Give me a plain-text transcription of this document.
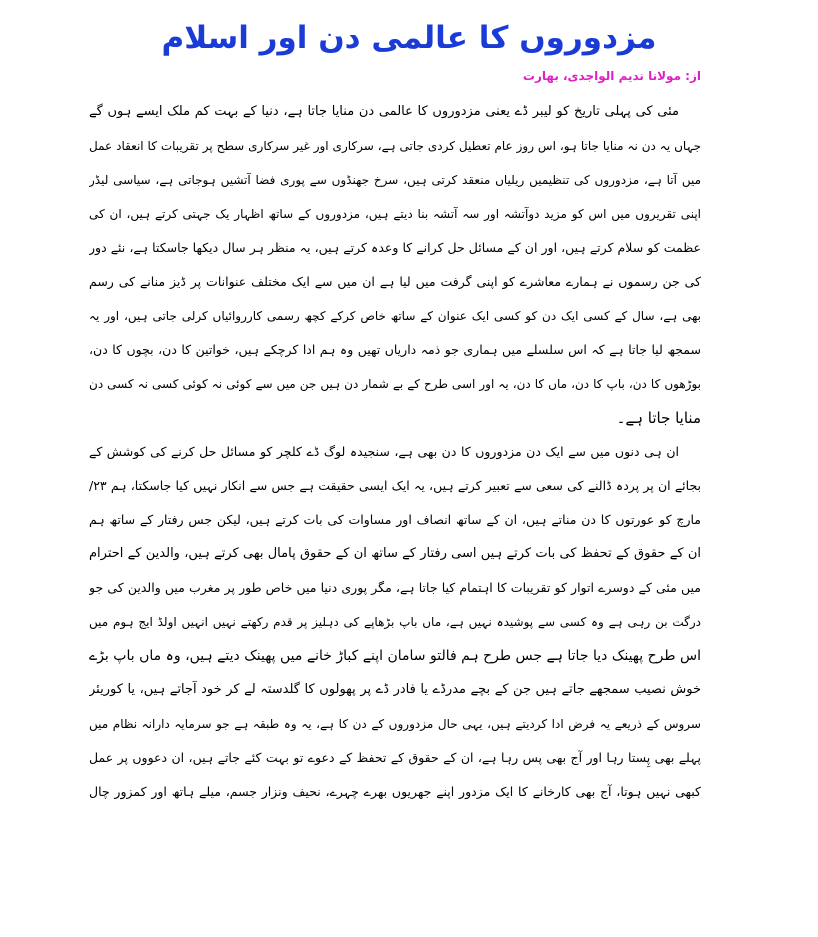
مزدوروں کا عالمی دن اور اسلام
از: مولانا ندیم الواجدی، بھارت
مئی کی پہلی تاریخ کو لیبر ڈے یعنی مزدوروں کا عالمی دن منایا جاتا ہے، دنیا کے بہت کم ملک ایسے ہوں گے
جہاں یہ دن نہ منایا جاتا ہو، اس روز عام تعطیل کردی جاتی ہے، سرکاری اور غیر سرکاری سطح پر تقریبات کا انعقاد عمل
میں آتا ہے، مزدوروں کی تنظیمیں ریلیاں منعقد کرتی ہیں، سرخ جھنڈوں سے پوری فضا آتشیں ہوجاتی ہے، سیاسی لیڈر
اپنی تقریروں میں اس کو مزید دوآتشہ اور سہ آتشہ بنا دیتے ہیں، مزدوروں کے ساتھ اظہار یک جہتی کرتے ہیں، ان کی
عظمت کو سلام کرتے ہیں، اور ان کے مسائل حل کرانے کا وعدہ کرتے ہیں، یہ منظر ہر سال دیکھا جاسکتا ہے، نئے دور
کی جن رسموں نے ہمارے معاشرے کو اپنی گرفت میں لیا ہے ان میں سے ایک مختلف عنوانات پر ڈیز منانے کی رسم
بھی ہے، سال کے کسی ایک دن کو کسی ایک عنوان کے ساتھ خاص کرکے کچھ رسمی کارروائیاں کرلی جاتی ہیں، اور یہ
سمجھ لیا جاتا ہے کہ اس سلسلے میں ہماری جو ذمہ داریاں تھیں وہ ہم ادا کرچکے ہیں، خواتین کا دن، بچوں کا دن،
بوڑھوں کا دن، باپ کا دن، ماں کا دن، یہ اور اسی طرح کے بے شمار دن ہیں جن میں سے کوئی نہ کوئی کسی نہ کسی دن
منایا جاتا ہے۔
ان ہی دنوں میں سے ایک دن مزدوروں کا دن بھی ہے، سنجیدہ لوگ ڈے کلچر کو مسائل حل کرنے کی کوشش کے
بجائے ان پر پردہ ڈالنے کی سعی سے تعبیر کرتے ہیں، یہ ایک ایسی حقیقت ہے جس سے انکار نہیں کیا جاسکتا، ہم ۲۳/
مارچ کو عورتوں کا دن مناتے ہیں، ان کے ساتھ انصاف اور مساوات کی بات کرتے ہیں، لیکن جس رفتار کے ساتھ ہم
ان کے حقوق کے تحفظ کی بات کرتے ہیں اسی رفتار کے ساتھ ان کے حقوق پامال بھی کرتے ہیں، والدین کے احترام
میں مئی کے دوسرے اتوار کو تقریبات کا اہتمام کیا جاتا ہے، مگر پوری دنیا میں خاص طور پر مغرب میں والدین کی جو
درگت بن رہی ہے وہ کسی سے پوشیدہ نہیں ہے، ماں باپ بڑھاپے کی دہلیز پر قدم رکھتے نہیں انہیں اولڈ ایج ہوم میں
اس طرح پھینک دیا جاتا ہے جس طرح ہم فالتو سامان اپنے کباڑ خانے میں پھینک دیتے ہیں، وہ ماں باپ بڑے
خوش نصیب سمجھے جاتے ہیں جن کے بچے مدرڈے یا فادر ڈے پر پھولوں کا گلدستہ لے کر خود آجاتے ہیں، یا کوریئر
سروس کے ذریعے یہ فرض ادا کردیتے ہیں، یہی حال مزدوروں کے دن کا ہے، یہ وہ طبقہ ہے جو سرمایہ دارانہ نظام میں
پہلے بھی پِستا رہا اور آج بھی پس رہا ہے، ان کے حقوق کے تحفظ کے دعوے تو بہت کئے جاتے ہیں، ان دعووں پر عمل
کبھی نہیں ہوتا، آج بھی کارخانے کا ایک مزدور اپنے جھریوں بھرے چہرے، نحیف ونزار جسم، میلے ہاتھ اور کمزور چال
